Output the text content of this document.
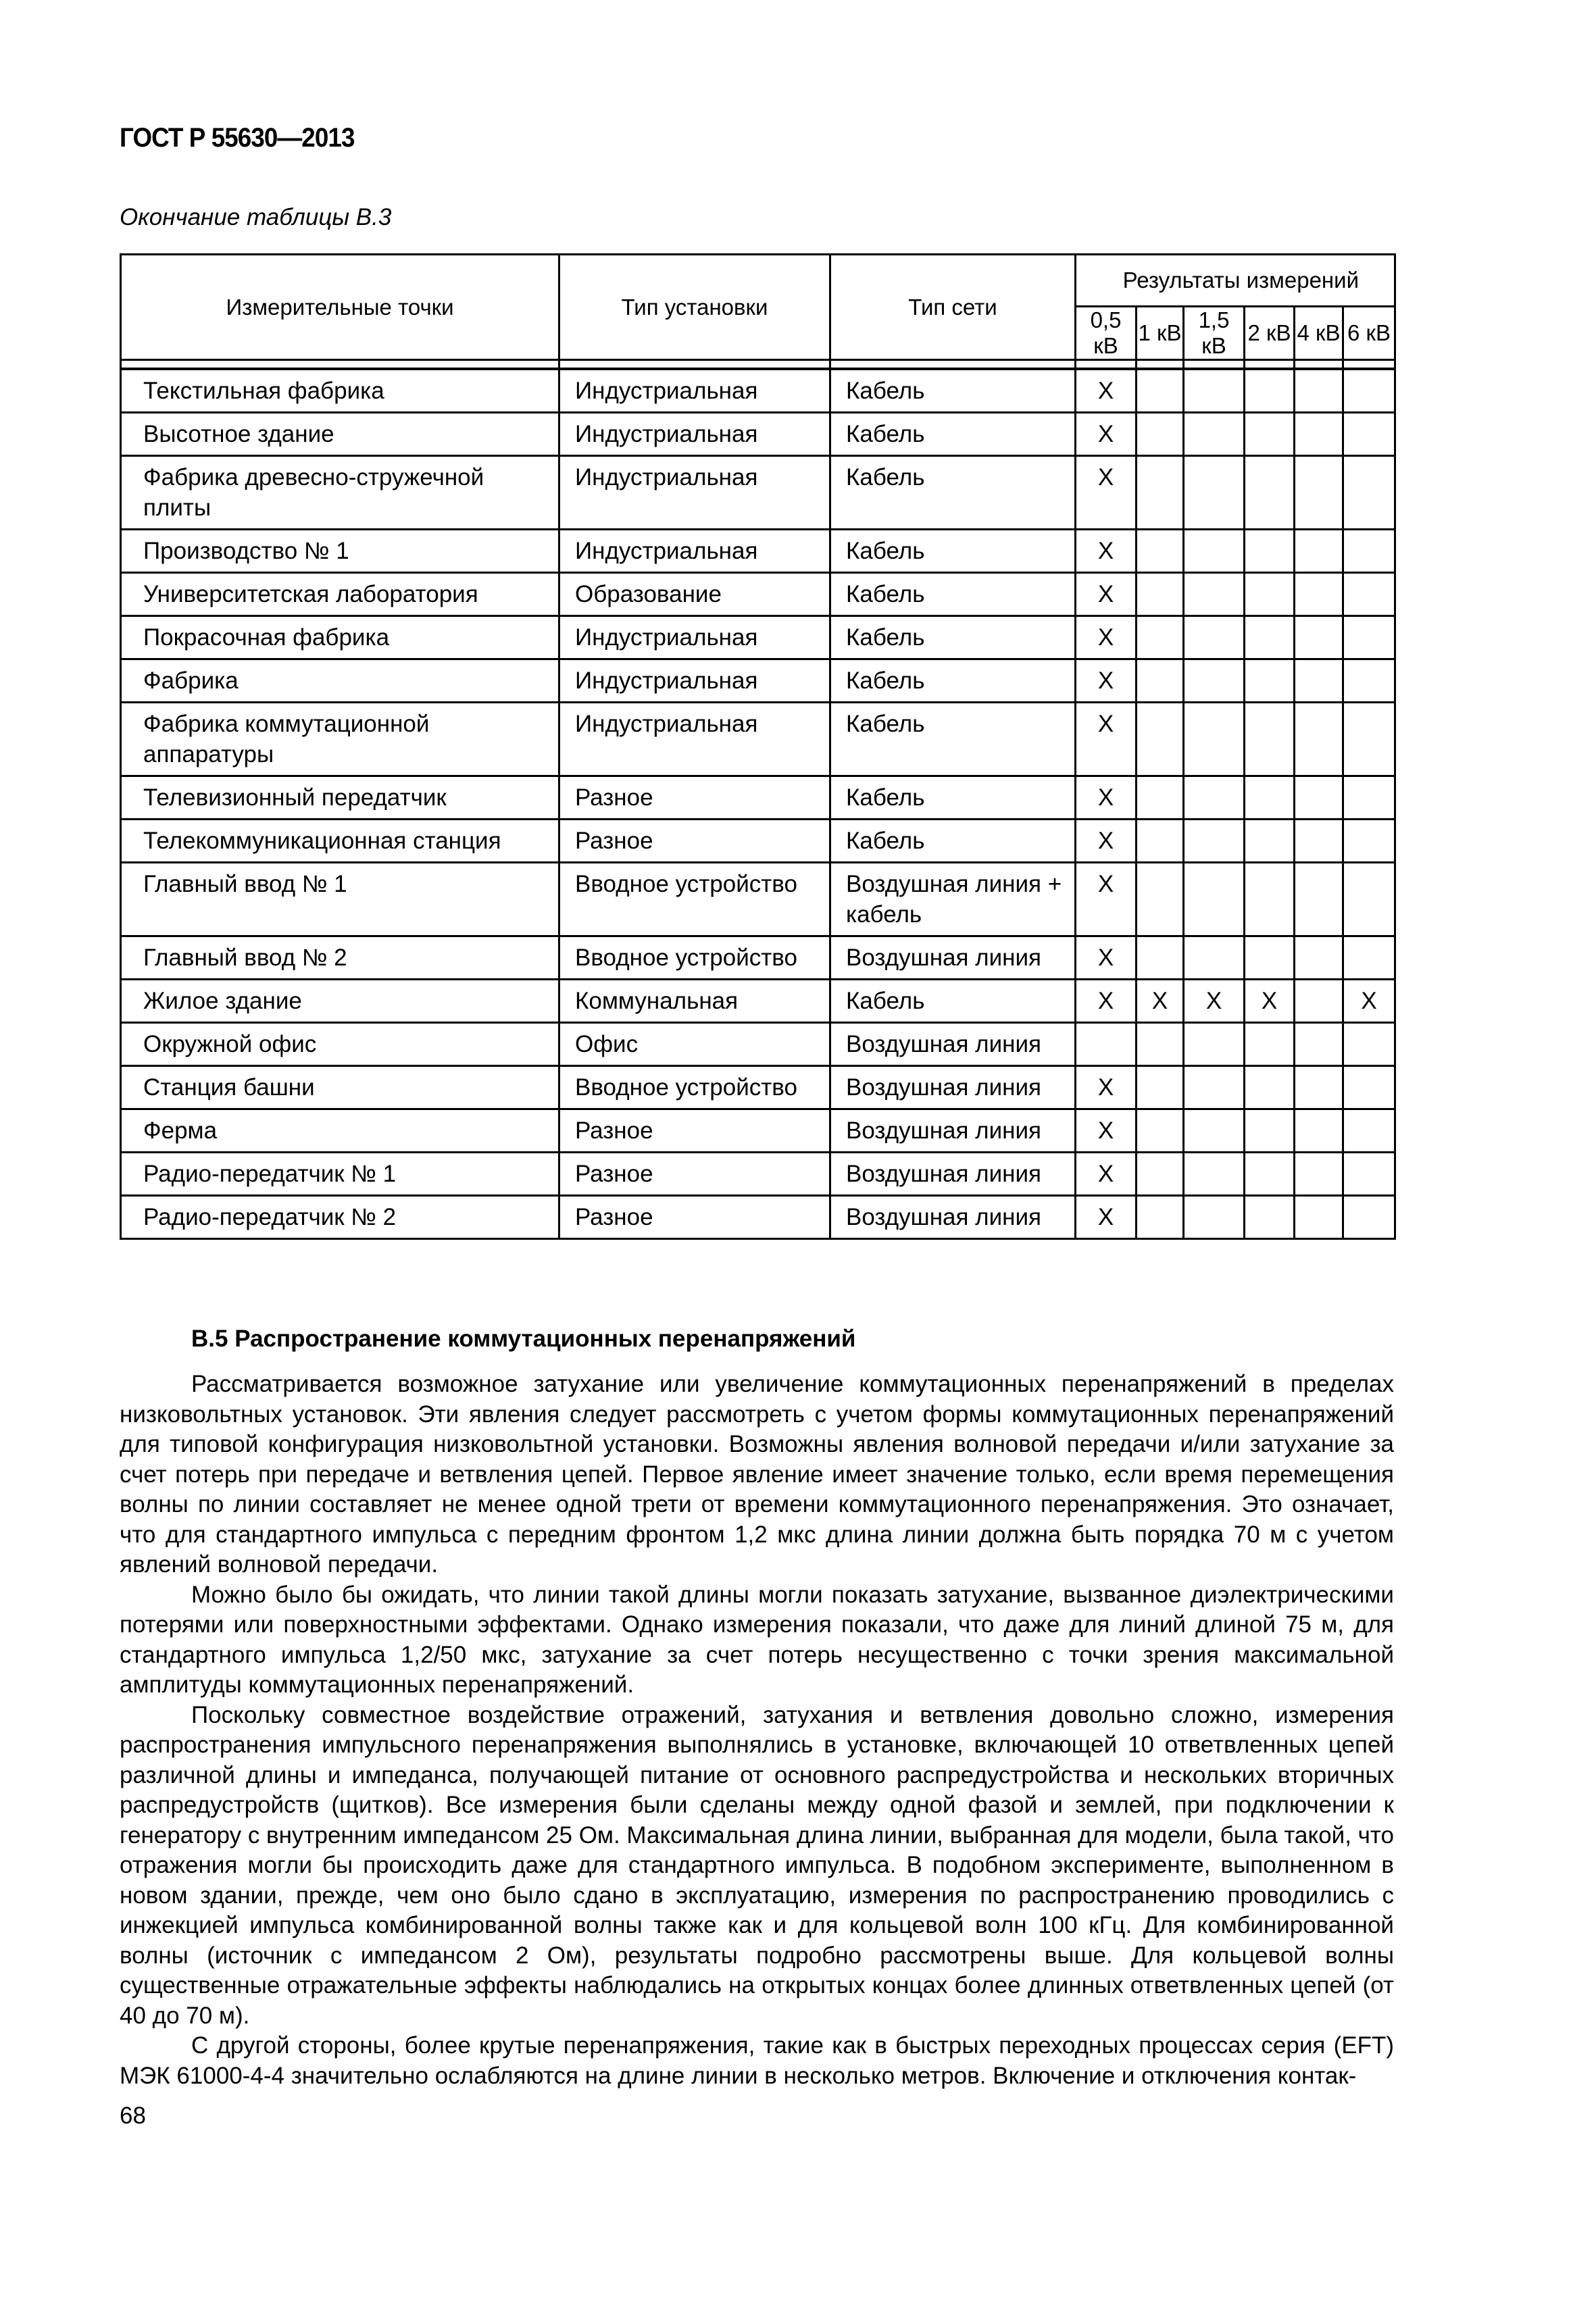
ГОСТ Р 55630—2013
Окончание таблицы В.3
Измерительные точки	Тип установки	Тип сети	Результаты измерений					
			0,5 кВ	1 кВ	1,5 кВ	2 кВ	4 кВ	6 кВ

Текстильная фабрика	Индустриальная	Кабель	X					
Высотное здание	Индустриальная	Кабель	X					
Фабрика древесно-стружечной плиты	Индустриальная	Кабель	X					
Производство № 1	Индустриальная	Кабель	X					
Университетская лаборатория	Образование	Кабель	X					
Покрасочная фабрика	Индустриальная	Кабель	X					
Фабрика	Индустриальная	Кабель	X					
Фабрика коммутационной аппаратуры	Индустриальная	Кабель	X					
Телевизионный передатчик	Разное	Кабель	X					
Телекоммуникационная станция	Разное	Кабель	X					
Главный ввод № 1	Вводное устройство	Воздушная линия + кабель	X					
Главный ввод № 2	Вводное устройство	Воздушная линия	X					
Жилое здание	Коммунальная	Кабель	X	X	X	X		X
Окружной офис	Офис	Воздушная линия						
Станция башни	Вводное устройство	Воздушная линия	X					
Ферма	Разное	Воздушная линия	X					
Радио-передатчик № 1	Разное	Воздушная линия	X					
Радио-передатчик № 2	Разное	Воздушная линия	X					
В.5 Распространение коммутационных перенапряжений

Рассматривается возможное затухание или увеличение коммутационных перенапряжений в пределах низковольтных установок. Эти явления следует рассмотреть с учетом формы коммутационных перенапряжений для типовой конфигурация низковольтной установки. Возможны явления волновой передачи и/или затухание за счет потерь при передаче и ветвления цепей. Первое явление имеет значение только, если время перемещения волны по линии составляет не менее одной трети от времени коммутационного перенапряжения. Это означает, что для стандартного импульса с передним фронтом 1,2 мкс длина линии должна быть порядка 70 м с учетом явлений волновой передачи.

Можно было бы ожидать, что линии такой длины могли показать затухание, вызванное диэлектрическими потерями или поверхностными эффектами. Однако измерения показали, что даже для линий длиной 75 м, для стандартного импульса 1,2/50 мкс, затухание за счет потерь несущественно с точки зрения максимальной амплитуды коммутационных перенапряжений.

Поскольку совместное воздействие отражений, затухания и ветвления довольно сложно, измерения распространения импульсного перенапряжения выполнялись в установке, включающей 10 ответвленных цепей различной длины и импеданса, получающей питание от основного распредустройства и нескольких вторичных распредустройств (щитков). Все измерения были сделаны между одной фазой и землей, при подключении к генератору с внутренним импедансом 25 Ом. Максимальная длина линии, выбранная для модели, была такой, что отражения могли бы происходить даже для стандартного импульса. В подобном эксперименте, выполненном в новом здании, прежде, чем оно было сдано в эксплуатацию, измерения по распространению проводились с инжекцией импульса комбинированной волны также как и для кольцевой волн 100 кГц. Для комбинированной волны (источник с импедансом 2 Ом), результаты подробно рассмотрены выше. Для кольцевой волны существенные отражательные эффекты наблюдались на открытых концах более длинных ответвленных цепей (от 40 до 70 м).

С другой стороны, более крутые перенапряжения, такие как в быстрых переходных процессах серия (EFT) МЭК 61000-4-4 значительно ослабляются на длине линии в несколько метров. Включение и отключения контак-

68
